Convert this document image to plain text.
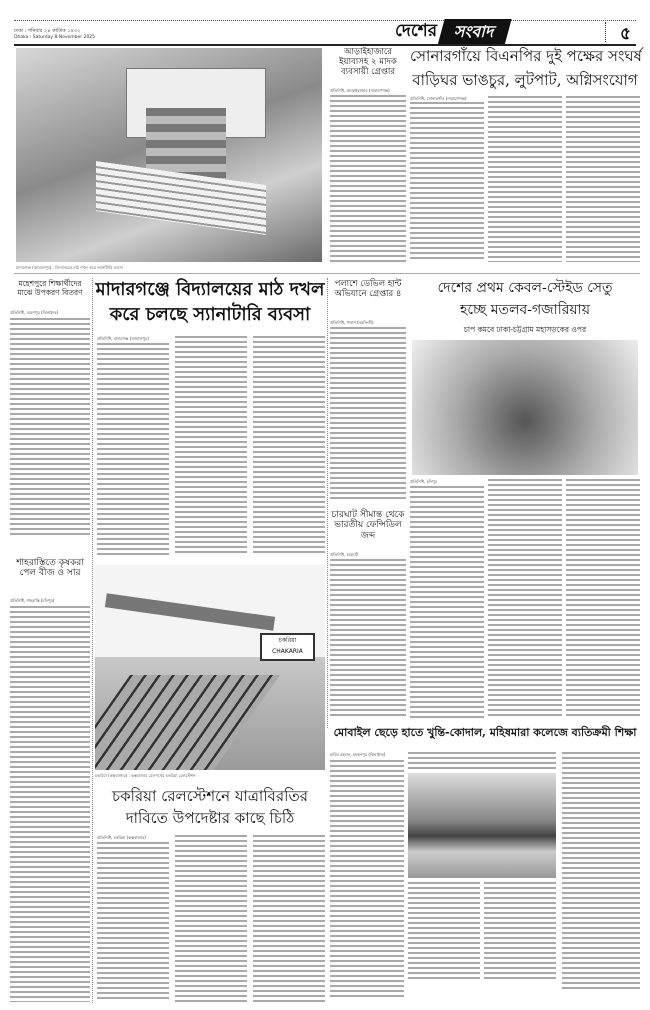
ঢাকা : শনিবার ২৪ কার্তিক ১৪৩২
Dhaka : Saturday 8 November 2025	দেশের সংবাদ	৫
মাদারগঞ্জ (জামালপুর) : বিদ্যালয়ের মাঠ দখল করে স্যানাটারি ব্যবসা
আড়াইহাজারে ইয়াবাসহ ২ মাদক ব্যবসায়ী গ্রেপ্তার
প্রতিনিধি, আড়াইহাজার (নারায়ণগঞ্জ)
সোনারগাঁয়ে বিএনপির দুই পক্ষের সংঘর্ষ
বাড়িঘর ভাঙচুর, লুটপাট, অগ্নিসংযোগ
প্রতিনিধি, সোনারগাঁও (নারায়ণগঞ্জ)
মহেশপুরে শিক্ষার্থীদের মাঝে উপকরণ বিতরণ
প্রতিনিধি, মহেশপুর (ঝিনাইদহ)
শাহরাস্তিতে কৃষকরা পেল বীজ ও সার
প্রতিনিধি, শাহরাস্তি (চাঁদপুর)
মাদারগঞ্জে বিদ্যালয়ের মাঠ দখল
করে চলছে স্যানাটারি ব্যবসা
প্রতিনিধি, মাদারগঞ্জ (জামালপুর)
চকরিয়া
CHAKARIA
চকরিয়া (কক্সবাজার) : কক্সবাজার রেলপথের চকরিয়া রেলস্টেশন
চকরিয়া রেলস্টেশনে যাত্রাবিরতির
দাবিতে উপদেষ্টার কাছে চিঠি
প্রতিনিধি, চকরিয়া (কক্সবাজার)
পলাশে ডেভিল হান্ট অভিযানে গ্রেপ্তার ৪
প্রতিনিধি, পলাশ (নরসিংদী)
চারঘাট সীমান্ত থেকে ভারতীয় ফেন্সিডিল জব্দ
প্রতিনিধি, চারঘাট
দেশের প্রথম কেবল-স্টেইড সেতু
হচ্ছে মতলব-গজারিয়ায়
চাপ কমবে ঢাকা-চট্টগ্রাম মহাসড়কের ওপর
প্রতিনিধি, চাঁদপুর
মোবাইল ছেড়ে হাতে খুন্তি-কোদাল, মহিষমারা কলেজে ব্যতিক্রমী শিক্ষা
হাবিব রহমান, মহম্মদপুর (ঝিনাইদহ)
